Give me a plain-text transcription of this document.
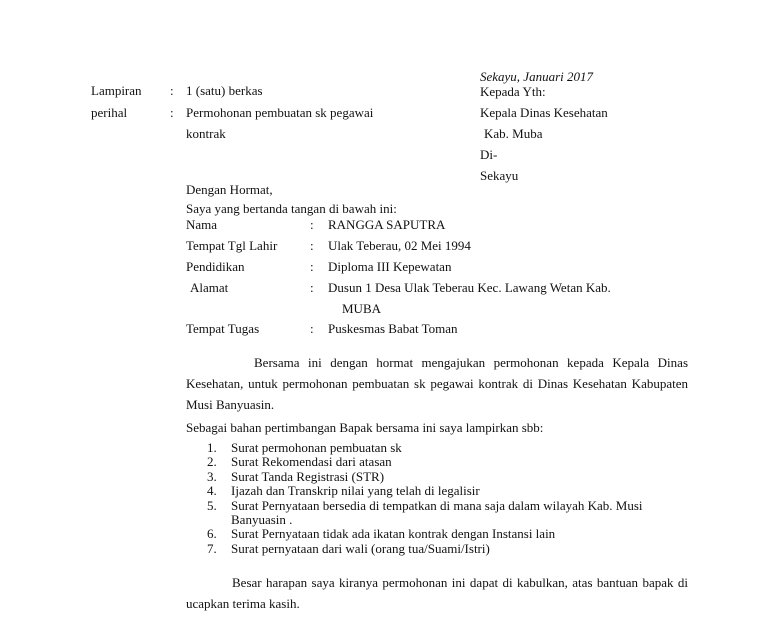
Sekayu, Januari 2017
Lampiran : 1 (satu) berkas
perihal	: Permohonan pembuatan sk pegawai
kontrak
Kepada Yth:
Kepala Dinas Kesehatan
Kab. Muba
Di-
Sekayu
Dengan Hormat,
Saya yang bertanda tangan di bawah ini:
Nama	: RANGGA SAPUTRA
Tempat Tgl Lahir	: Ulak Teberau, 02 Mei 1994
Pendidikan	: Diploma III Kepewatan
Alamat	: Dusun 1 Desa Ulak Teberau Kec. Lawang Wetan Kab.
MUBA
Tempat Tugas	: Puskesmas Babat Toman
Bersama ini dengan hormat mengajukan permohonan kepada Kepala Dinas Kesehatan, untuk permohonan pembuatan sk pegawai kontrak di Dinas Kesehatan Kabupaten Musi Banyuasin.
Sebagai bahan pertimbangan Bapak bersama ini saya lampirkan sbb:
1. Surat permohonan pembuatan sk
2. Surat Rekomendasi dari atasan
3. Surat Tanda Registrasi (STR)
4. Ijazah dan Transkrip nilai yang telah di legalisir
5. Surat Pernyataan bersedia di tempatkan di mana saja dalam wilayah Kab. Musi Banyuasin .
6. Surat Pernyataan tidak ada ikatan kontrak dengan Instansi lain
7. Surat pernyataan dari wali (orang tua/Suami/Istri)
Besar harapan saya kiranya permohonan ini dapat di kabulkan, atas bantuan bapak di ucapkan terima kasih.
